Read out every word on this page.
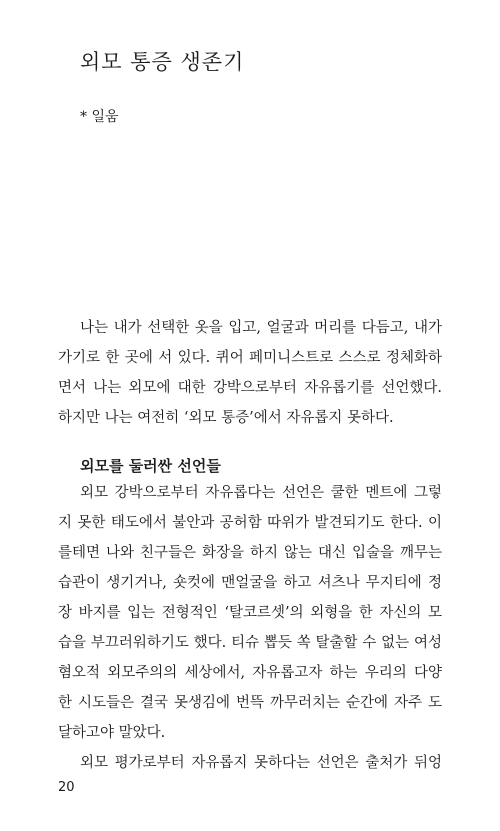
외모 통증 생존기
* 일움
나는 내가 선택한 옷을 입고, 얼굴과 머리를 다듬고, 내가
가기로 한 곳에 서 있다. 퀴어 페미니스트로 스스로 정체화하
면서 나는 외모에 대한 강박으로부터 자유롭기를 선언했다.
하지만 나는 여전히 ‘외모 통증’에서 자유롭지 못하다.
외모를 둘러싼 선언들
외모 강박으로부터 자유롭다는 선언은 쿨한 멘트에 그렇
지 못한 태도에서 불안과 공허함 따위가 발견되기도 한다. 이
를테면 나와 친구들은 화장을 하지 않는 대신 입술을 깨무는
습관이 생기거나, 숏컷에 맨얼굴을 하고 셔츠나 무지티에 정
장 바지를 입는 전형적인 ‘탈코르셋’의 외형을 한 자신의 모
습을 부끄러워하기도 했다. 티슈 뽑듯 쏙 탈출할 수 없는 여성
혐오적 외모주의의 세상에서, 자유롭고자 하는 우리의 다양
한 시도들은 결국 못생김에 번뜩 까무러치는 순간에 자주 도
달하고야 말았다.
외모 평가로부터 자유롭지 못하다는 선언은 출처가 뒤엉
20
